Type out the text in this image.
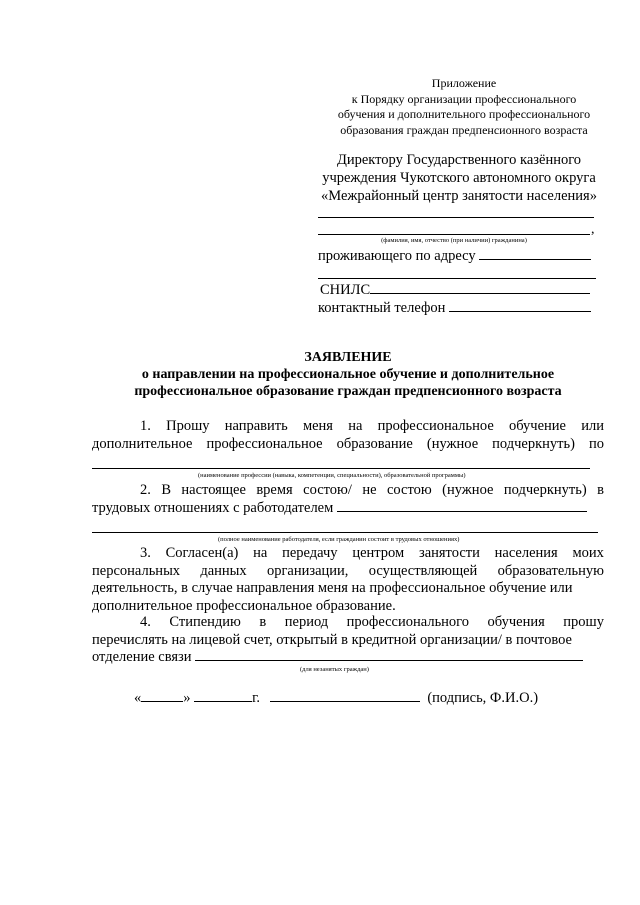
Приложение
к Порядку организации профессионального
обучения и дополнительного профессионального
образования граждан предпенсионного возраста
Директору Государственного казённого
учреждения Чукотского автономного округа
«Межрайонный центр занятости населения»
,
(фамилия, имя, отчество (при наличии) гражданина)
проживающего по адресу
СНИЛС
контактный телефон
ЗАЯВЛЕНИЕ
о направлении на профессиональное обучение и дополнительное
профессиональное образование граждан предпенсионного возраста
1. Прошу направить меня на профессиональное обучение или
дополнительное профессиональное образование (нужное подчеркнуть) по
(наименование профессии (навыка, компетенции, специальности), образовательной программы)
2. В настоящее время состою/ не состою (нужное подчеркнуть) в
трудовых отношениях с работодателем
(полное наименование работодателя, если гражданин состоит в трудовых отношениях)
3. Согласен(а) на передачу центром занятости населения моих
персональных данных организации, осуществляющей образовательную
деятельность, в случае направления меня на профессиональное обучение или
дополнительное профессиональное образование.
4. Стипендию в период профессионального обучения прошу
перечислять на лицевой счет, открытый в кредитной организации/ в почтовое
отделение связи
(для незанятых граждан)
«	»	г.	(подпись, Ф.И.О.)
